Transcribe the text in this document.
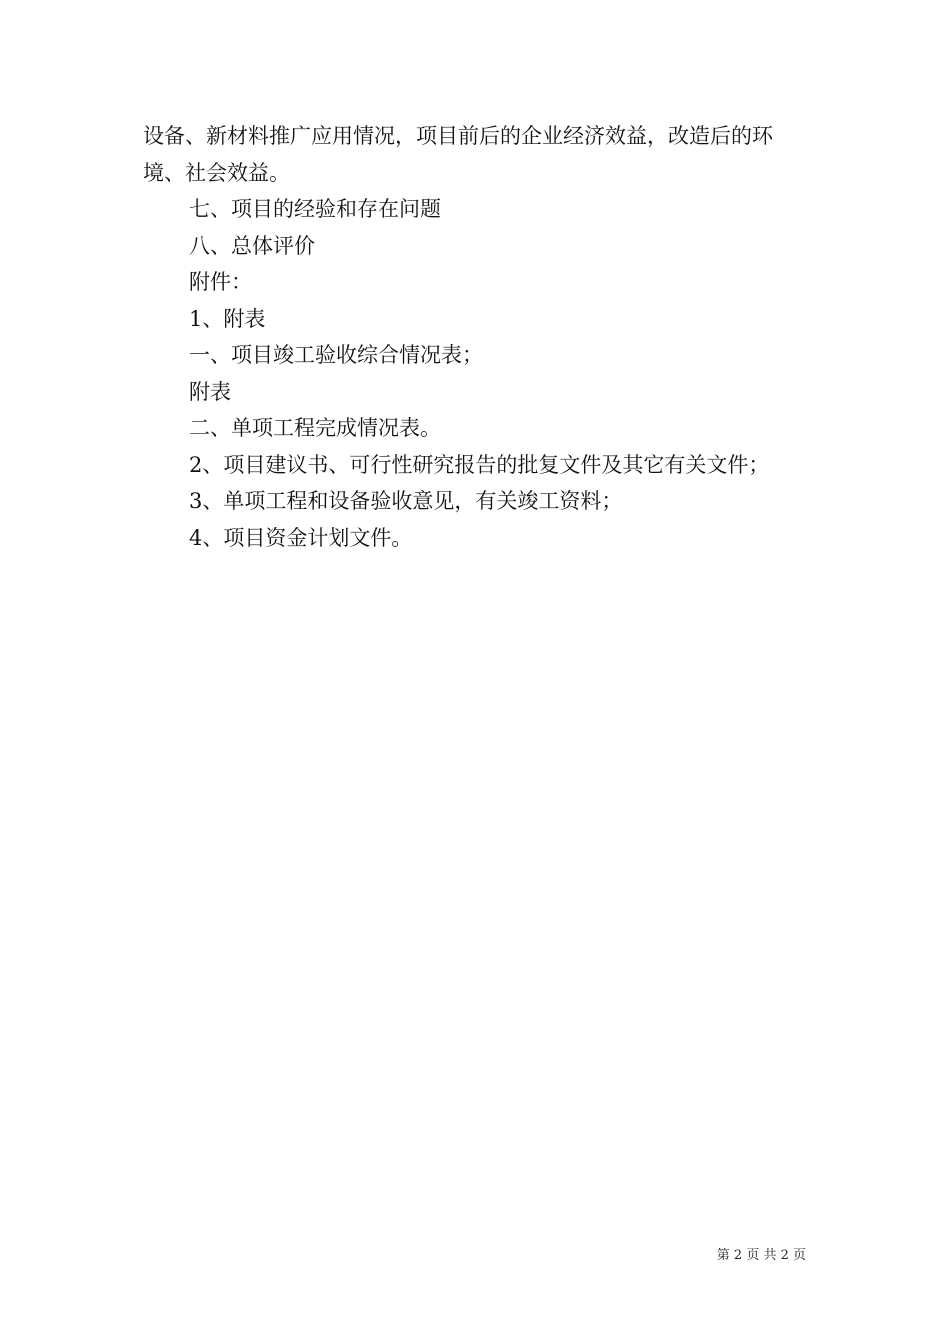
设备、新材料推广应用情况，项目前后的企业经济效益，改造后的环境、社会效益。

七、项目的经验和存在问题

八、总体评价

附件：

1、附表

一、项目竣工验收综合情况表；

附表

二、单项工程完成情况表。

2、项目建议书、可行性研究报告的批复文件及其它有关文件；

3、单项工程和设备验收意见，有关竣工资料；

4、项目资金计划文件。

第 2 页 共 2 页
